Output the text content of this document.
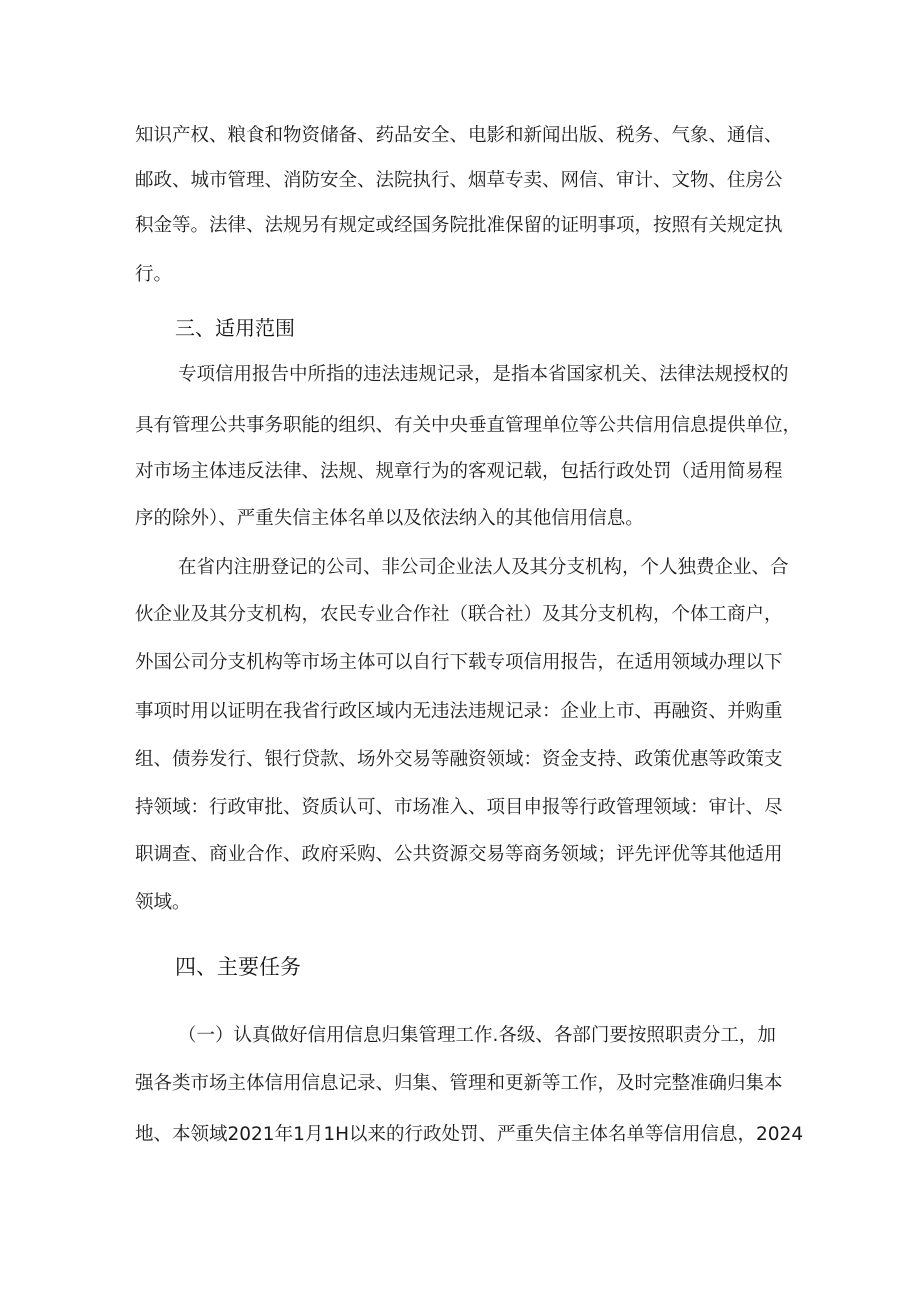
知识产权、粮食和物资储备、药品安全、电影和新闻出版、税务、气象、通信、
邮政、城市管理、消防安全、法院执行、烟草专卖、网信、审计、文物、住房公
积金等。法律、法规另有规定或经国务院批准保留的证明事项，按照有关规定执
行。
三、适用范围
专项信用报告中所指的违法违规记录，是指本省国家机关、法律法规授权的
具有管理公共事务职能的组织、有关中央垂直管理单位等公共信用信息提供单位，
对市场主体违反法律、法规、规章行为的客观记载，包括行政处罚（适用简易程
序的除外）、严重失信主体名单以及依法纳入的其他信用信息。
在省内注册登记的公司、非公司企业法人及其分支机构，个人独费企业、合
伙企业及其分支机构，农民专业合作社（联合社）及其分支机构，个体工商户，
外国公司分支机构等市场主体可以自行下载专项信用报告，在适用领域办理以下
事项时用以证明在我省行政区域内无违法违规记录：企业上市、再融资、并购重
组、债券发行、银行贷款、场外交易等融资领域：资金支持、政策优惠等政策支
持领域：行政审批、资质认可、市场准入、项目申报等行政管理领域：审计、尽
职调查、商业合作、政府采购、公共资源交易等商务领域；评先评优等其他适用
领域。
四、主要任务
（一）认真做好信用信息归集管理工作.各级、各部门要按照职责分工，加
强各类市场主体信用信息记录、归集、管理和更新等工作，及时完整准确归集本
地、本领域2021年1月1H以来的行政处罚、严重失信主体名单等信用信息，2024
